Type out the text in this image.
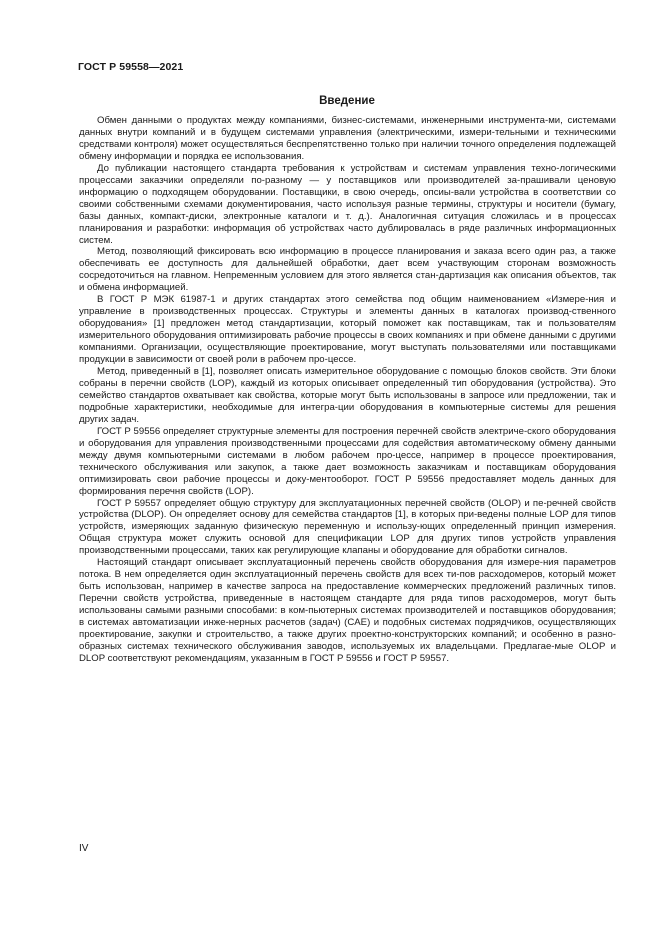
ГОСТ Р 59558—2021
Введение

Обмен данными о продуктах между компаниями, бизнес-системами, инженерными инструмента-ми, системами данных внутри компаний и в будущем системами управления (электрическими, измери-тельными и техническими средствами контроля) может осуществляться беспрепятственно только при наличии точного определения подлежащей обмену информации и порядка ее использования.

До публикации настоящего стандарта требования к устройствам и системам управления техно-логическими процессами заказчики определяли по-разному — у поставщиков или производителей за-прашивали ценовую информацию о подходящем оборудовании. Поставщики, в свою очередь, опсиы-вали устройства в соответствии со своими собственными схемами документирования, часто используя разные термины, структуры и носители (бумагу, базы данных, компакт-диски, электронные каталоги и т. д.). Аналогичная ситуация сложилась и в процессах планирования и разработки: информация об устройствах часто дублировалась в ряде различных информационных систем.

Метод, позволяющий фиксировать всю информацию в процессе планирования и заказа всего один раз, а также обеспечивать ее доступность для дальнейшей обработки, дает всем участвующим сторонам возможность сосредоточиться на главном. Непременным условием для этого является стан-дартизация как описания объектов, так и обмена информацией.

В ГОСТ Р МЭК 61987-1 и других стандартах этого семейства под общим наименованием «Измере-ния и управление в производственных процессах. Структуры и элементы данных в каталогах производ-ственного оборудования» [1] предложен метод стандартизации, который поможет как поставщикам, так и пользователям измерительного оборудования оптимизировать рабочие процессы в своих компаниях и при обмене данными с другими компаниями. Организации, осуществляющие проектирование, могут выступать пользователями или поставщиками продукции в зависимости от своей роли в рабочем про-цессе.

Метод, приведенный в [1], позволяет описать измерительное оборудование с помощью блоков свойств. Эти блоки собраны в перечни свойств (LOP), каждый из которых описывает определенный тип оборудования (устройства). Это семейство стандартов охватывает как свойства, которые могут быть использованы в запросе или предложении, так и подробные характеристики, необходимые для интегра-ции оборудования в компьютерные системы для решения других задач.

ГОСТ Р 59556 определяет структурные элементы для построения перечней свойств электриче-ского оборудования и оборудования для управления производственными процессами для содействия автоматическому обмену данными между двумя компьютерными системами в любом рабочем про-цессе, например в процессе проектирования, технического обслуживания или закупок, а также дает возможность заказчикам и поставщикам оборудования оптимизировать свои рабочие процессы и доку-ментооборот. ГОСТ Р 59556 предоставляет модель данных для формирования перечня свойств (LOP).

ГОСТ Р 59557 определяет общую структуру для эксплуатационных перечней свойств (OLOP) и пе-речней свойств устройства (DLOP). Он определяет основу для семейства стандартов [1], в которых при-ведены полные LOP для типов устройств, измеряющих заданную физическую переменную и использу-ющих определенный принцип измерения. Общая структура может служить основой для спецификации LOP для других типов устройств управления производственными процессами, таких как регулирующие клапаны и оборудование для обработки сигналов.

Настоящий стандарт описывает эксплуатационный перечень свойств оборудования для измере-ния параметров потока. В нем определяется один эксплуатационный перечень свойств для всех ти-пов расходомеров, который может быть использован, например в качестве запроса на предоставление коммерческих предложений различных типов. Перечни свойств устройства, приведенные в настоящем стандарте для ряда типов расходомеров, могут быть использованы самыми разными способами: в ком-пьютерных системах производителей и поставщиков оборудования; в системах автоматизации инже-нерных расчетов (задач) (CAE) и подобных системах подрядчиков, осуществляющих проектирование, закупки и строительство, а также других проектно-конструкторских компаний; и особенно в разно-образных системах технического обслуживания заводов, используемых их владельцами. Предлагае-мые OLOP и DLOP соответствуют рекомендациям, указанным в ГОСТ Р 59556 и ГОСТ Р 59557.

IV
